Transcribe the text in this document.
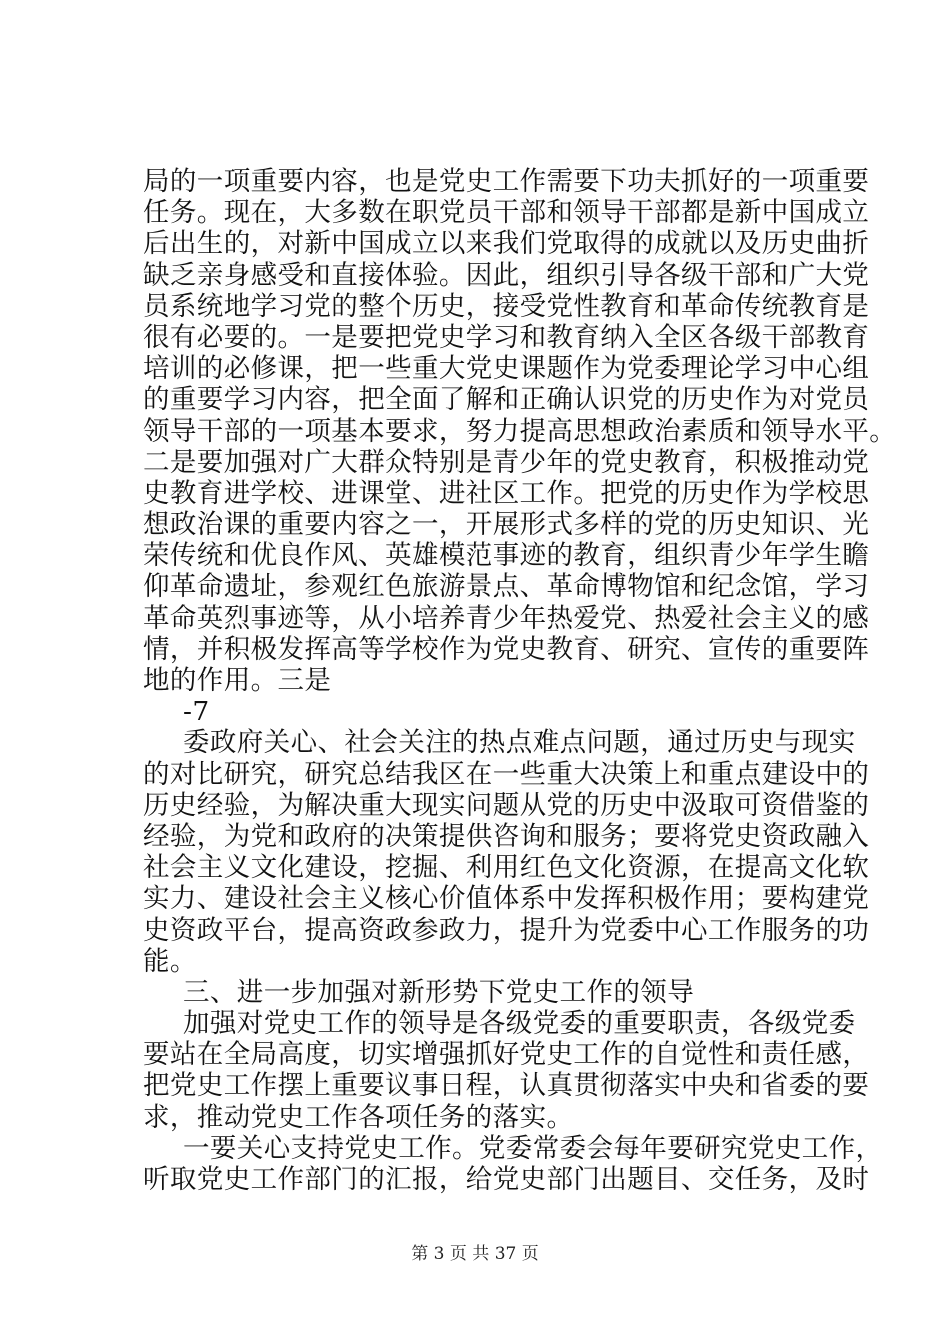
局的一项重要内容，也是党史工作需要下功夫抓好的一项重要
任务。现在，大多数在职党员干部和领导干部都是新中国成立
后出生的，对新中国成立以来我们党取得的成就以及历史曲折
缺乏亲身感受和直接体验。因此，组织引导各级干部和广大党
员系统地学习党的整个历史，接受党性教育和革命传统教育是
很有必要的。一是要把党史学习和教育纳入全区各级干部教育
培训的必修课，把一些重大党史课题作为党委理论学习中心组
的重要学习内容，把全面了解和正确认识党的历史作为对党员
领导干部的一项基本要求，努力提高思想政治素质和领导水平。
二是要加强对广大群众特别是青少年的党史教育，积极推动党
史教育进学校、进课堂、进社区工作。把党的历史作为学校思
想政治课的重要内容之一，开展形式多样的党的历史知识、光
荣传统和优良作风、英雄模范事迹的教育，组织青少年学生瞻
仰革命遗址，参观红色旅游景点、革命博物馆和纪念馆，学习
革命英烈事迹等，从小培养青少年热爱党、热爱社会主义的感
情，并积极发挥高等学校作为党史教育、研究、宣传的重要阵
地的作用。三是
-7
委政府关心、社会关注的热点难点问题，通过历史与现实
的对比研究，研究总结我区在一些重大决策上和重点建设中的
历史经验，为解决重大现实问题从党的历史中汲取可资借鉴的
经验，为党和政府的决策提供咨询和服务；要将党史资政融入
社会主义文化建设，挖掘、利用红色文化资源，在提高文化软
实力、建设社会主义核心价值体系中发挥积极作用；要构建党
史资政平台，提高资政参政力，提升为党委中心工作服务的功
能。
三、进一步加强对新形势下党史工作的领导
加强对党史工作的领导是各级党委的重要职责，各级党委
要站在全局高度，切实增强抓好党史工作的自觉性和责任感，
把党史工作摆上重要议事日程，认真贯彻落实中央和省委的要
求，推动党史工作各项任务的落实。
一要关心支持党史工作。党委常委会每年要研究党史工作，
听取党史工作部门的汇报，给党史部门出题目、交任务，及时
第 3 页 共 37 页
